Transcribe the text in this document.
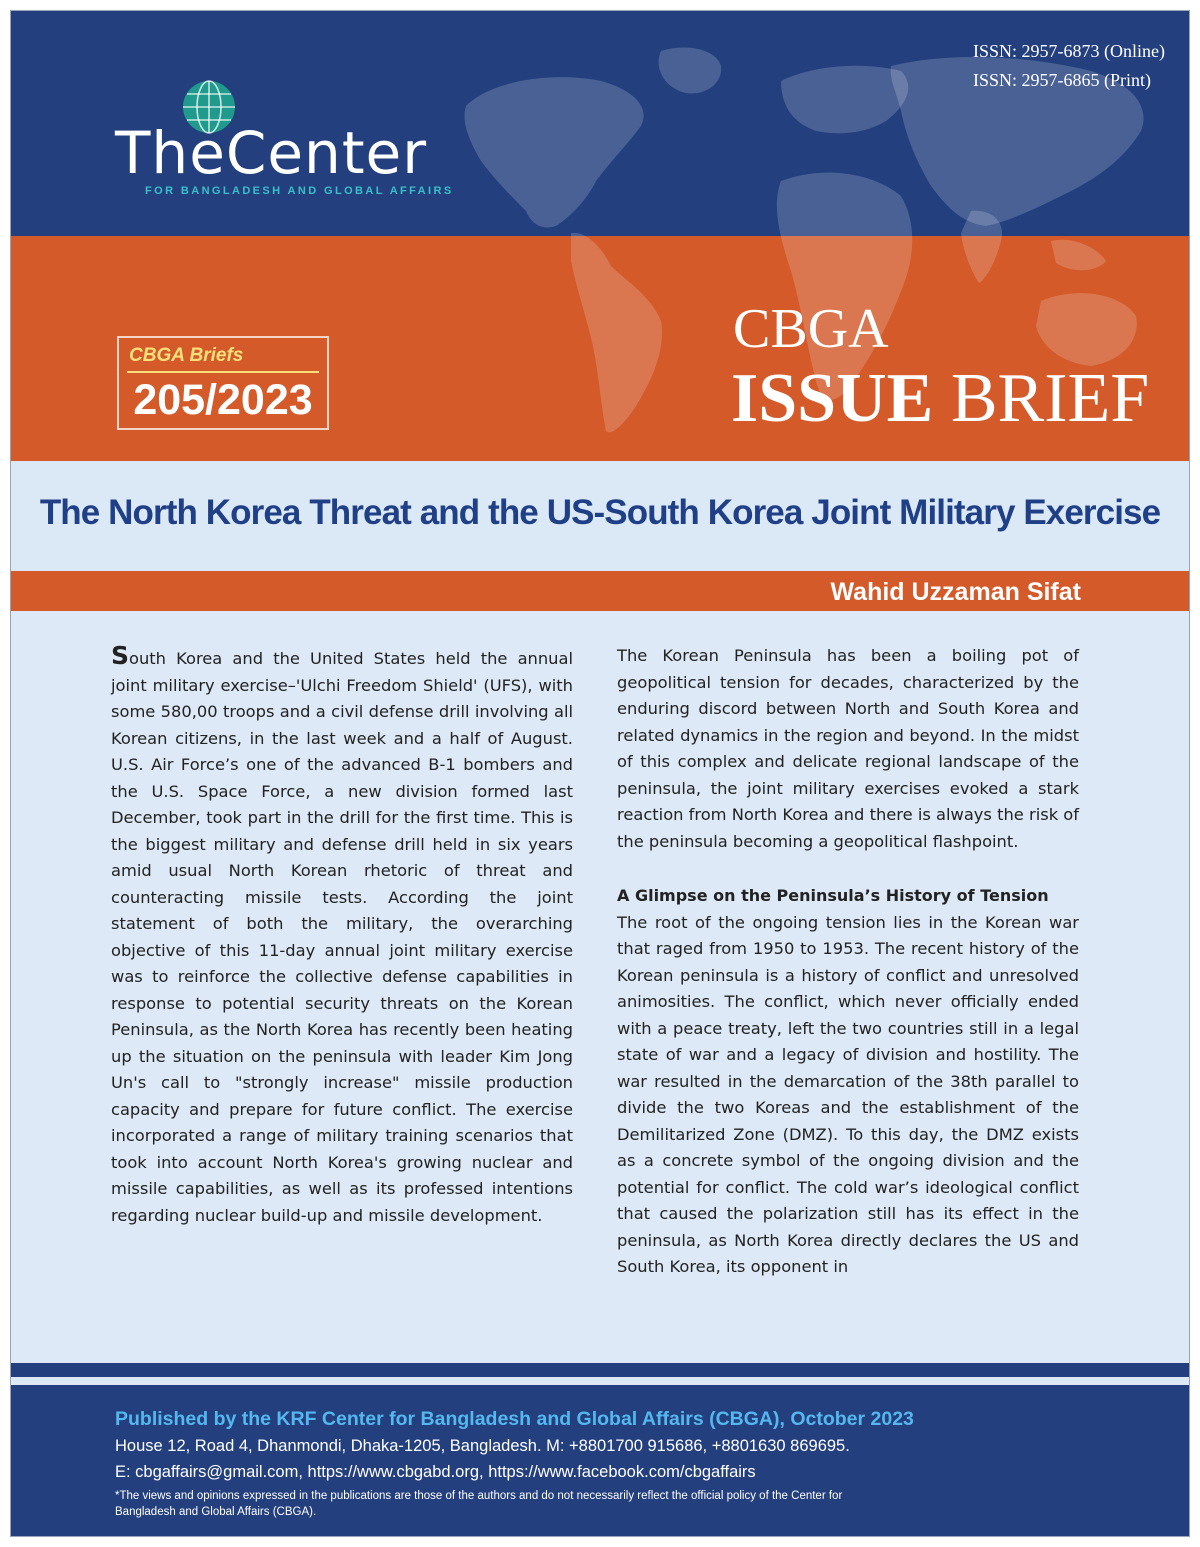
ISSN: 2957-6873 (Online)
ISSN: 2957-6865 (Print)
TheCenter
FOR BANGLADESH AND GLOBAL AFFAIRS
CBGA Briefs
205/2023
CBGA
ISSUE BRIEF
The North Korea Threat and the US-South Korea Joint Military Exercise
Wahid Uzzaman Sifat

South Korea and the United States held the annual joint military exercise–'Ulchi Freedom Shield' (UFS), with some 580,00 troops and a civil defense drill involving all Korean citizens, in the last week and a half of August. U.S. Air Force’s one of the advanced B-1 bombers and the U.S. Space Force, a new division formed last December, took part in the drill for the first time. This is the biggest military and defense drill held in six years amid usual North Korean rhetoric of threat and counteracting missile tests. According the joint statement of both the military, the overarching objective of this 11-day annual joint military exercise was to reinforce the collective defense capabilities in response to potential security threats on the Korean Peninsula, as the North Korea has recently been heating up the situation on the peninsula with leader Kim Jong Un's call to "strongly increase" missile production capacity and prepare for future conflict. The exercise incorporated a range of military training scenarios that took into account North Korea's growing nuclear and missile capabilities, as well as its professed intentions regarding nuclear build-up and missile development.

The Korean Peninsula has been a boiling pot of geopolitical tension for decades, characterized by the enduring discord between North and South Korea and related dynamics in the region and beyond. In the midst of this complex and delicate regional landscape of the peninsula, the joint military exercises evoked a stark reaction from North Korea and there is always the risk of the peninsula becoming a geopolitical flashpoint.

A Glimpse on the Peninsula’s History of Tension

The root of the ongoing tension lies in the Korean war that raged from 1950 to 1953. The recent history of the Korean peninsula is a history of conflict and unresolved animosities. The conflict, which never officially ended with a peace treaty, left the two countries still in a legal state of war and a legacy of division and hostility. The war resulted in the demarcation of the 38th parallel to divide the two Koreas and the establishment of the Demilitarized Zone (DMZ). To this day, the DMZ exists as a concrete symbol of the ongoing division and the potential for conflict. The cold war’s ideological conflict that caused the polarization still has its effect in the peninsula, as North Korea directly declares the US and South Korea, its opponent in

Published by the KRF Center for Bangladesh and Global Affairs (CBGA), October 2023
House 12, Road 4, Dhanmondi, Dhaka-1205, Bangladesh. M: +8801700 915686, +8801630 869695.
E: cbgaffairs@gmail.com, https://www.cbgabd.org, https://www.facebook.com/cbgaffairs
*The views and opinions expressed in the publications are those of the authors and do not necessarily reflect the official policy of the Center for Bangladesh and Global Affairs (CBGA).
